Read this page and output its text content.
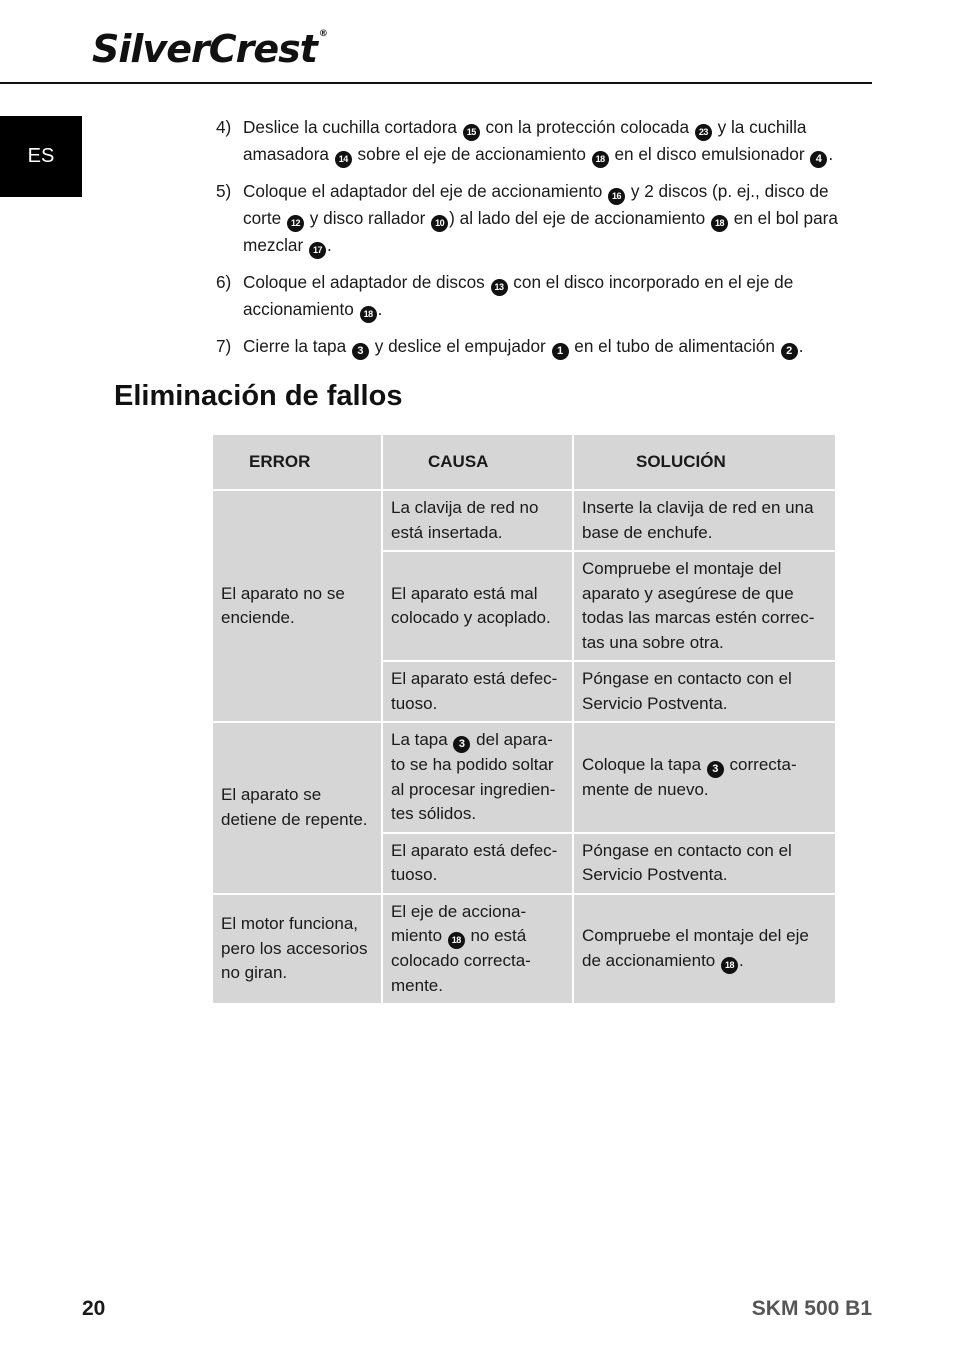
SilverCrest ®
ES
4) Deslice la cuchilla cortadora 15 con la protección colocada 23 y la cuchilla amasadora 14 sobre el eje de accionamiento 18 en el disco emulsionador 4 .
5) Coloque el adaptador del eje de accionamiento 16 y 2 discos (p. ej., disco de corte 12 y disco rallador 10 ) al lado del eje de accionamiento 18 en el bol para mezclar 17 .
6) Coloque el adaptador de discos 13 con el disco incorporado en el eje de accionamiento 18 .
7) Cierre la tapa 3 y deslice el empujador 1 en el tubo de alimentación 2 .
Eliminación de fallos
ERROR	CAUSA	SOLUCIÓN

El aparato no se enciende.	La clavija de red no está insertada.	Inserte la clavija de red en una base de enchufe.
	El aparato está mal colocado y acoplado.	Compruebe el montaje del aparato y asegúrese de que todas las marcas estén correc-tas una sobre otra.
	El aparato está defec-tuoso.	Póngase en contacto con el Servicio Postventa.
El aparato se detiene de repente.	La tapa 3 del apara-to se ha podido soltar al procesar ingredien-tes sólidos.	Coloque la tapa 3 correcta-mente de nuevo.
	El aparato está defec-tuoso.	Póngase en contacto con el Servicio Postventa.
El motor funciona, pero los accesorios no giran.	El eje de acciona-miento 18 no está colocado correcta-mente.	Compruebe el montaje del eje de accionamiento 18 .
20	SKM 500 B1
